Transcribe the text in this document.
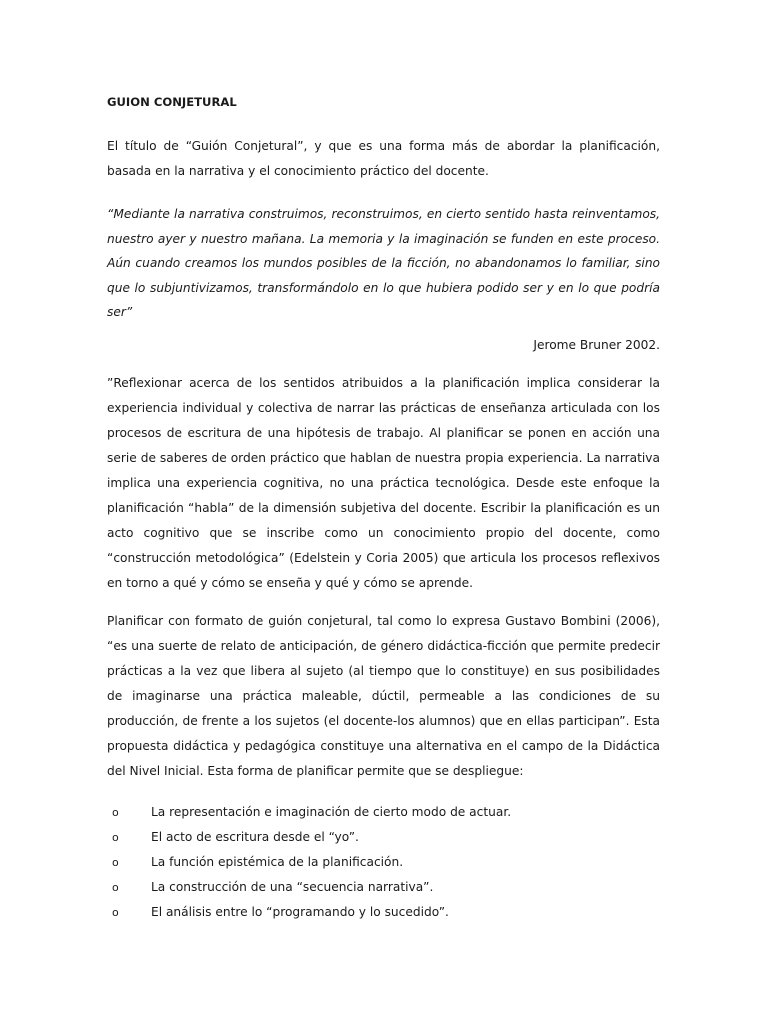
GUION CONJETURAL

El título de “Guión Conjetural”, y que es una forma más de abordar la planificación, basada en la narrativa y el conocimiento práctico del docente.

“Mediante la narrativa construimos, reconstruimos, en cierto sentido hasta reinventamos, nuestro ayer y nuestro mañana. La memoria y la imaginación se funden en este proceso. Aún cuando creamos los mundos posibles de la ficción, no abandonamos lo familiar, sino que lo subjuntivizamos, transformándolo en lo que hubiera podido ser y en lo que podría ser”

Jerome Bruner 2002.

”Reflexionar acerca de los sentidos atribuidos a la planificación implica considerar la experiencia individual y colectiva de narrar las prácticas de enseñanza articulada con los procesos de escritura de una hipótesis de trabajo. Al planificar se ponen en acción una serie de saberes de orden práctico que hablan de nuestra propia experiencia. La narrativa implica una experiencia cognitiva, no una práctica tecnológica. Desde este enfoque la planificación “habla” de la dimensión subjetiva del docente. Escribir la planificación es un acto cognitivo que se inscribe como un conocimiento propio del docente, como “construcción metodológica” (Edelstein y Coria 2005) que articula los procesos reflexivos en torno a qué y cómo se enseña y qué y cómo se aprende.

Planificar con formato de guión conjetural, tal como lo expresa Gustavo Bombini (2006), “es una suerte de relato de anticipación, de género didáctica-ficción que permite predecir prácticas a la vez que libera al sujeto (al tiempo que lo constituye) en sus posibilidades de imaginarse una práctica maleable, dúctil, permeable a las condiciones de su producción, de frente a los sujetos (el docente-los alumnos) que en ellas participan”. Esta propuesta didáctica y pedagógica constituye una alternativa en el campo de la Didáctica del Nivel Inicial. Esta forma de planificar permite que se despliegue:

o	La representación e imaginación de cierto modo de actuar.
o	El acto de escritura desde el “yo”.
o	La función epistémica de la planificación.
o	La construcción de una “secuencia narrativa”.
o	El análisis entre lo “programando y lo sucedido”.
